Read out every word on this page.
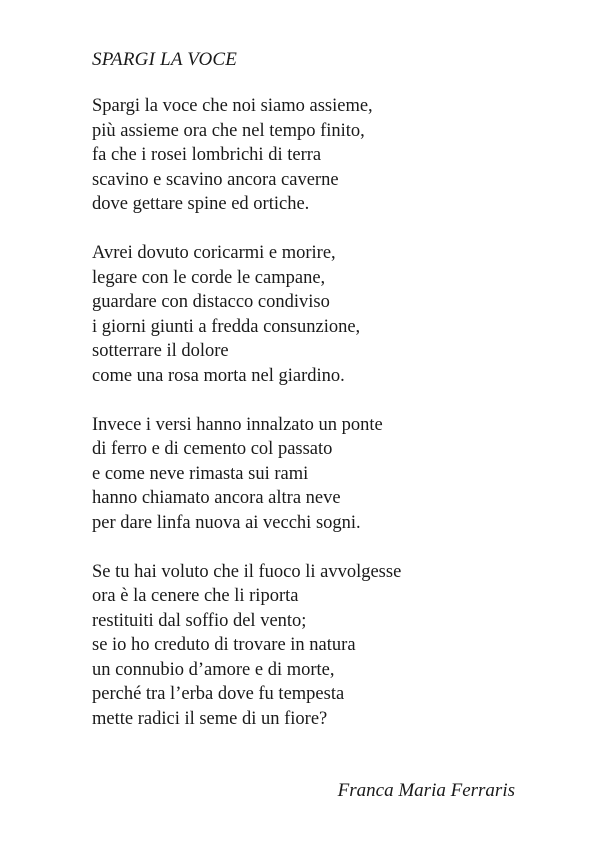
SPARGI LA VOCE
Spargi la voce che noi siamo assieme,
più assieme ora che nel tempo finito,
fa che i rosei lombrichi di terra
scavino e scavino ancora caverne
dove gettare spine ed ortiche.
Avrei dovuto coricarmi e morire,
legare con le corde le campane,
guardare con distacco condiviso
i giorni giunti a fredda consunzione,
sotterrare il dolore
come una rosa morta nel giardino.
Invece i versi hanno innalzato un ponte
di ferro e di cemento col passato
e come neve rimasta sui rami
hanno chiamato ancora altra neve
per dare linfa nuova ai vecchi sogni.
Se tu hai voluto che il fuoco li avvolgesse
ora è la cenere che li riporta
restituiti dal soffio del vento;
se io ho creduto di trovare in natura
un connubio d’amore e di morte,
perché tra l’erba dove fu tempesta
mette radici il seme di un fiore?

Franca Maria Ferraris
